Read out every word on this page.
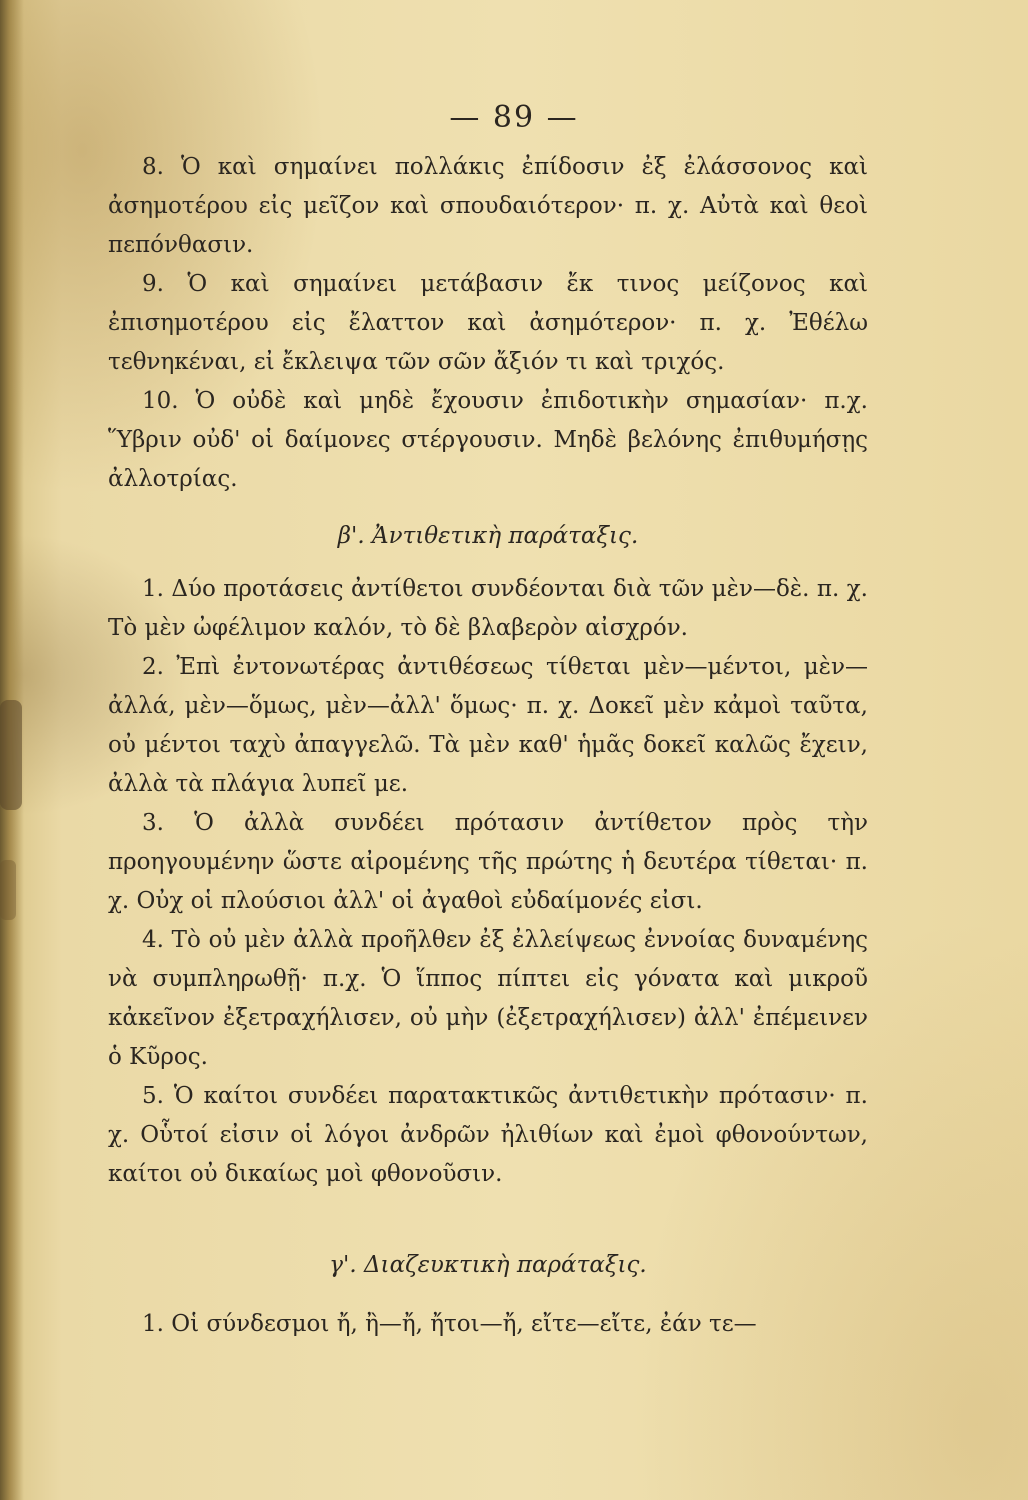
— 89 —

8. Ὁ καὶ σημαίνει πολλάκις ἐπίδοσιν ἐξ ἐλάσσονος καὶ ἀσημοτέρου εἰς μεῖζον καὶ σπουδαιότερον· π. χ. Αὐτὰ καὶ θεοὶ πεπόνθασιν.

9. Ὁ καὶ σημαίνει μετάβασιν ἔκ τινος μείζονος καὶ ἐπισημοτέρου εἰς ἔλαττον καὶ ἀσημότερον· π. χ. Ἐθέλω τεθνηκέναι, εἰ ἔκλειψα τῶν σῶν ἄξιόν τι καὶ τριχός.

10. Ὁ οὐδὲ καὶ μηδὲ ἔχουσιν ἐπιδοτικὴν σημασίαν· π.χ. Ὕβριν οὐδ' οἱ δαίμονες στέργουσιν. Μηδὲ βελόνης ἐπιθυμήσῃς ἀλλοτρίας.

β'. Ἀντιθετικὴ παράταξις.

1. Δύο προτάσεις ἀντίθετοι συνδέονται διὰ τῶν μὲν—δὲ. π. χ. Τὸ μὲν ὠφέλιμον καλόν, τὸ δὲ βλαβερὸν αἰσχρόν.

2. Ἐπὶ ἐντονωτέρας ἀντιθέσεως τίθεται μὲν—μέντοι, μὲν—ἀλλά, μὲν—ὅμως, μὲν—ἀλλ' ὅμως· π. χ. Δοκεῖ μὲν κἀμοὶ ταῦτα, οὐ μέντοι ταχὺ ἀπαγγελῶ. Τὰ μὲν καθ' ἡμᾶς δοκεῖ καλῶς ἔχειν, ἀλλὰ τὰ πλάγια λυπεῖ με.

3. Ὁ ἀλλὰ συνδέει πρότασιν ἀντίθετον πρὸς τὴν προηγουμένην ὥστε αἰρομένης τῆς πρώτης ἡ δευτέρα τίθεται· π. χ. Οὐχ οἱ πλούσιοι ἀλλ' οἱ ἀγαθοὶ εὐδαίμονές εἰσι.

4. Τὸ οὐ μὲν ἀλλὰ προῆλθεν ἐξ ἐλλείψεως ἐννοίας δυναμένης νὰ συμπληρωθῇ· π.χ. Ὁ ἵππος πίπτει εἰς γόνατα καὶ μικροῦ κἀκεῖνον ἐξετραχήλισεν, οὐ μὴν (ἐξετραχήλισεν) ἀλλ' ἐπέμεινεν ὁ Κῦρος.

5. Ὁ καίτοι συνδέει παρατακτικῶς ἀντιθετικὴν πρότασιν· π. χ. Οὗτοί εἰσιν οἱ λόγοι ἀνδρῶν ἠλιθίων καὶ ἐμοὶ φθονούντων, καίτοι οὐ δικαίως μοὶ φθονοῦσιν.

γ'. Διαζευκτικὴ παράταξις.

1. Οἱ σύνδεσμοι ἤ, ἢ—ἤ, ἤτοι—ἤ, εἴτε—εἴτε, ἐάν τε—
